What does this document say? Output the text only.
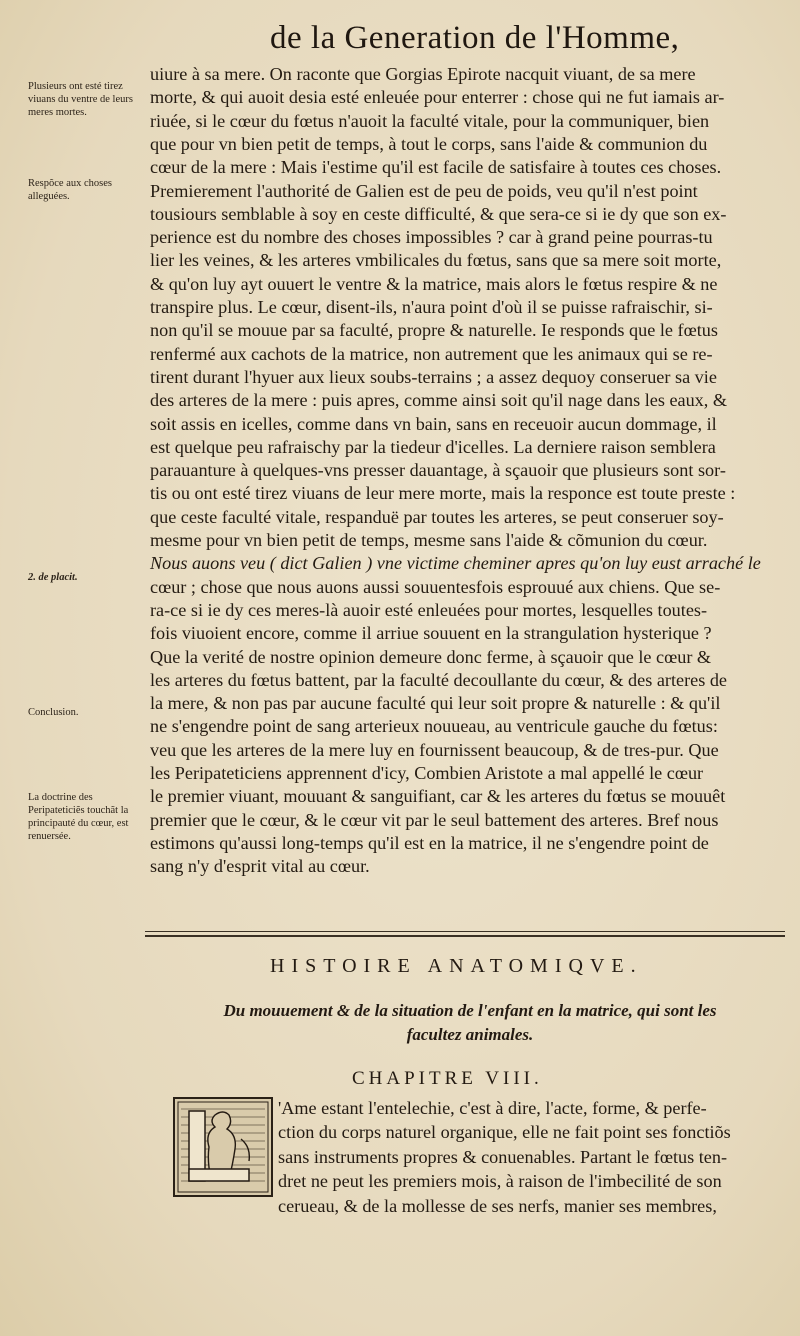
de la Generation de l'Homme,
Plusieurs ont esté tirez viuans du ventre de leurs meres mortes.
Respõce aux choses alleguées.
2. de placit.
Conclusion.
La doctrine des Peripateticiẽs touchãt la principauté du cœur, est renuersée.
uiure à sa mere. On raconte que Gorgias Epirote nacquit viuant, de sa mere
morte, & qui auoit desia esté enleuée pour enterrer : chose qui ne fut iamais ar-
riuée, si le cœur du fœtus n'auoit la faculté vitale, pour la communiquer, bien
que pour vn bien petit de temps, à tout le corps, sans l'aide & communion du
cœur de la mere : Mais i'estime qu'il est facile de satisfaire à toutes ces choses.
Premierement l'authorité de Galien est de peu de poids, veu qu'il n'est point
tousiours semblable à soy en ceste difficulté, & que sera-ce si ie dy que son ex-
perience est du nombre des choses impossibles ? car à grand peine pourras-tu
lier les veines, & les arteres vmbilicales du fœtus, sans que sa mere soit morte,
& qu'on luy ayt ouuert le ventre & la matrice, mais alors le fœtus respire & ne
transpire plus. Le cœur, disent-ils, n'aura point d'où il se puisse rafraischir, si-
non qu'il se mouue par sa faculté, propre & naturelle. Ie responds que le fœtus
renfermé aux cachots de la matrice, non autrement que les animaux qui se re-
tirent durant l'hyuer aux lieux soubs-terrains ; a assez dequoy conseruer sa vie
des arteres de la mere : puis apres, comme ainsi soit qu'il nage dans les eaux, &
soit assis en icelles, comme dans vn bain, sans en receuoir aucun dommage, il
est quelque peu rafraischy par la tiedeur d'icelles. La derniere raison semblera
parauanture à quelques-vns presser dauantage, à sçauoir que plusieurs sont sor-
tis ou ont esté tirez viuans de leur mere morte, mais la responce est toute preste :
que ceste faculté vitale, respanduë par toutes les arteres, se peut conseruer soy-
mesme pour vn bien petit de temps, mesme sans l'aide & cõmunion du cœur.
Nous auons veu ( dict Galien ) vne victime cheminer apres qu'on luy eust arraché le
cœur ; chose que nous auons aussi souuentesfois esprouué aux chiens. Que se-
ra-ce si ie dy ces meres-là auoir esté enleuées pour mortes, lesquelles toutes-
fois viuoient encore, comme il arriue souuent en la strangulation hysterique ?
Que la verité de nostre opinion demeure donc ferme, à sçauoir que le cœur &
les arteres du fœtus battent, par la faculté decoullante du cœur, & des arteres de
la mere, & non pas par aucune faculté qui leur soit propre & naturelle : & qu'il
ne s'engendre point de sang arterieux nouueau, au ventricule gauche du fœtus:
veu que les arteres de la mere luy en fournissent beaucoup, & de tres-pur. Que
les Peripateticiens apprennent d'icy, Combien Aristote a mal appellé le cœur
le premier viuant, mouuant & sanguifiant, car & les arteres du fœtus se mouuêt
premier que le cœur, & le cœur vit par le seul battement des arteres. Bref nous
estimons qu'aussi long-temps qu'il est en la matrice, il ne s'engendre point de
sang n'y d'esprit vital au cœur.
HISTOIRE ANATOMIQVE.
Du mouuement & de la situation de l'enfant en la matrice, qui sont les
facultez animales.
CHAPITRE VIII.
'Ame estant l'entelechie, c'est à dire, l'acte, forme, & perfe-
ction du corps naturel organique, elle ne fait point ses fonctiõs
sans instruments propres & conuenables. Partant le fœtus ten-
dret ne peut les premiers mois, à raison de l'imbecilité de son
cerueau, & de la mollesse de ses nerfs, manier ses membres,
